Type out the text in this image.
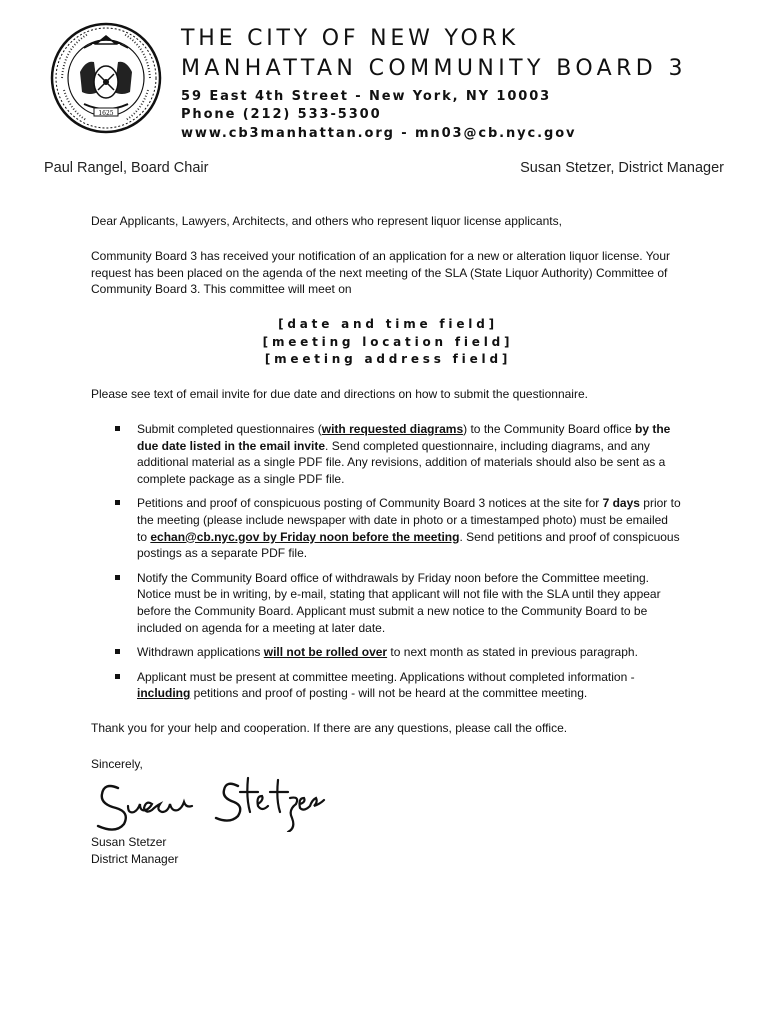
1625
THE CITY OF NEW YORK
MANHATTAN COMMUNITY BOARD 3
59 East 4th Street - New York, NY 10003
Phone (212) 533-5300
www.cb3manhattan.org - mn03@cb.nyc.gov
Paul Rangel, Board Chair	Susan Stetzer, District Manager
Dear Applicants, Lawyers, Architects, and others who represent liquor license applicants,
Community Board 3 has received your notification of an application for a new or alteration liquor license. Your request has been placed on the agenda of the next meeting of the SLA (State Liquor Authority) Committee of Community Board 3. This committee will meet on
[date and time field]
[meeting location field]
[meeting address field]
Please see text of email invite for due date and directions on how to submit the questionnaire.
Submit completed questionnaires (with requested diagrams) to the Community Board office by the due date listed in the email invite. Send completed questionnaire, including diagrams, and any additional material as a single PDF file. Any revisions, addition of materials should also be sent as a complete package as a single PDF file.
Petitions and proof of conspicuous posting of Community Board 3 notices at the site for 7 days prior to the meeting (please include newspaper with date in photo or a timestamped photo) must be emailed to echan@cb.nyc.gov by Friday noon before the meeting. Send petitions and proof of conspicuous postings as a separate PDF file.
Notify the Community Board office of withdrawals by Friday noon before the Committee meeting. Notice must be in writing, by e-mail, stating that applicant will not file with the SLA until they appear before the Community Board. Applicant must submit a new notice to the Community Board to be included on agenda for a meeting at later date.
Withdrawn applications will not be rolled over to next month as stated in previous paragraph.
Applicant must be present at committee meeting. Applications without completed information - including petitions and proof of posting - will not be heard at the committee meeting.
Thank you for your help and cooperation. If there are any questions, please call the office.
Sincerely,
Susan Stetzer
District Manager
